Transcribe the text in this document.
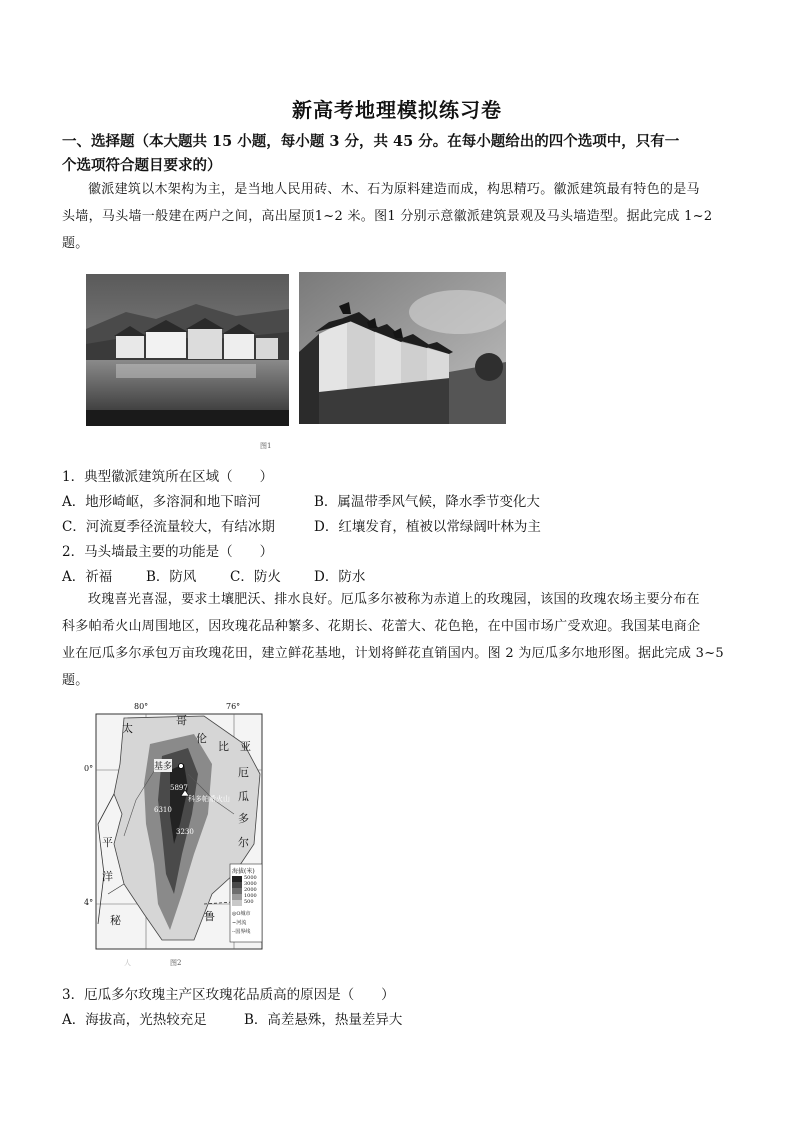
新高考地理模拟练习卷
一、选择题（本大题共 15 小题，每小题 3 分，共 45 分。在每小题给出的四个选项中，只有一
个选项符合题目要求的）
徽派建筑以木架构为主，是当地人民用砖、木、石为原料建造而成，构思精巧。徽派建筑最有特色的是马
头墙，马头墙一般建在两户之间，高出屋顶1~2 米。图1 分别示意徽派建筑景观及马头墙造型。据此完成 1~2
题。
图1
1．典型徽派建筑所在区域（　　）
A．地形崎岖，多溶洞和地下暗河	B．属温带季风气候，降水季节变化大
C．河流夏季径流量较大，有结冰期	D．红壤发育，植被以常绿阔叶林为主
2．马头墙最主要的功能是（　　）
A．祈福	B．防风 C．防火 D．防水
玫瑰喜光喜湿，要求土壤肥沃、排水良好。厄瓜多尔被称为赤道上的玫瑰园，该国的玫瑰农场主要分布在
科多帕希火山周围地区，因玫瑰花品种繁多、花期长、花蕾大、花色艳，在中国市场广受欢迎。我国某电商企
业在厄瓜多尔承包万亩玫瑰花田，建立鲜花基地，计划将鲜花直销国内。图 2 为厄瓜多尔地形图。据此完成 3~5
题。
80°	76°
0°
4°
太
平
洋
哥
伦
比 亚
厄
瓜
多
尔
秘	鲁
基多
科多帕希火山
5897
6310
3230
海拔(米)
5000
3000
2000
1000
500
◎O城市
~河流
--国界线
人	图2
3．厄瓜多尔玫瑰主产区玫瑰花品质高的原因是（　　）
A．海拔高，光热较充足	B．高差悬殊，热量差异大
